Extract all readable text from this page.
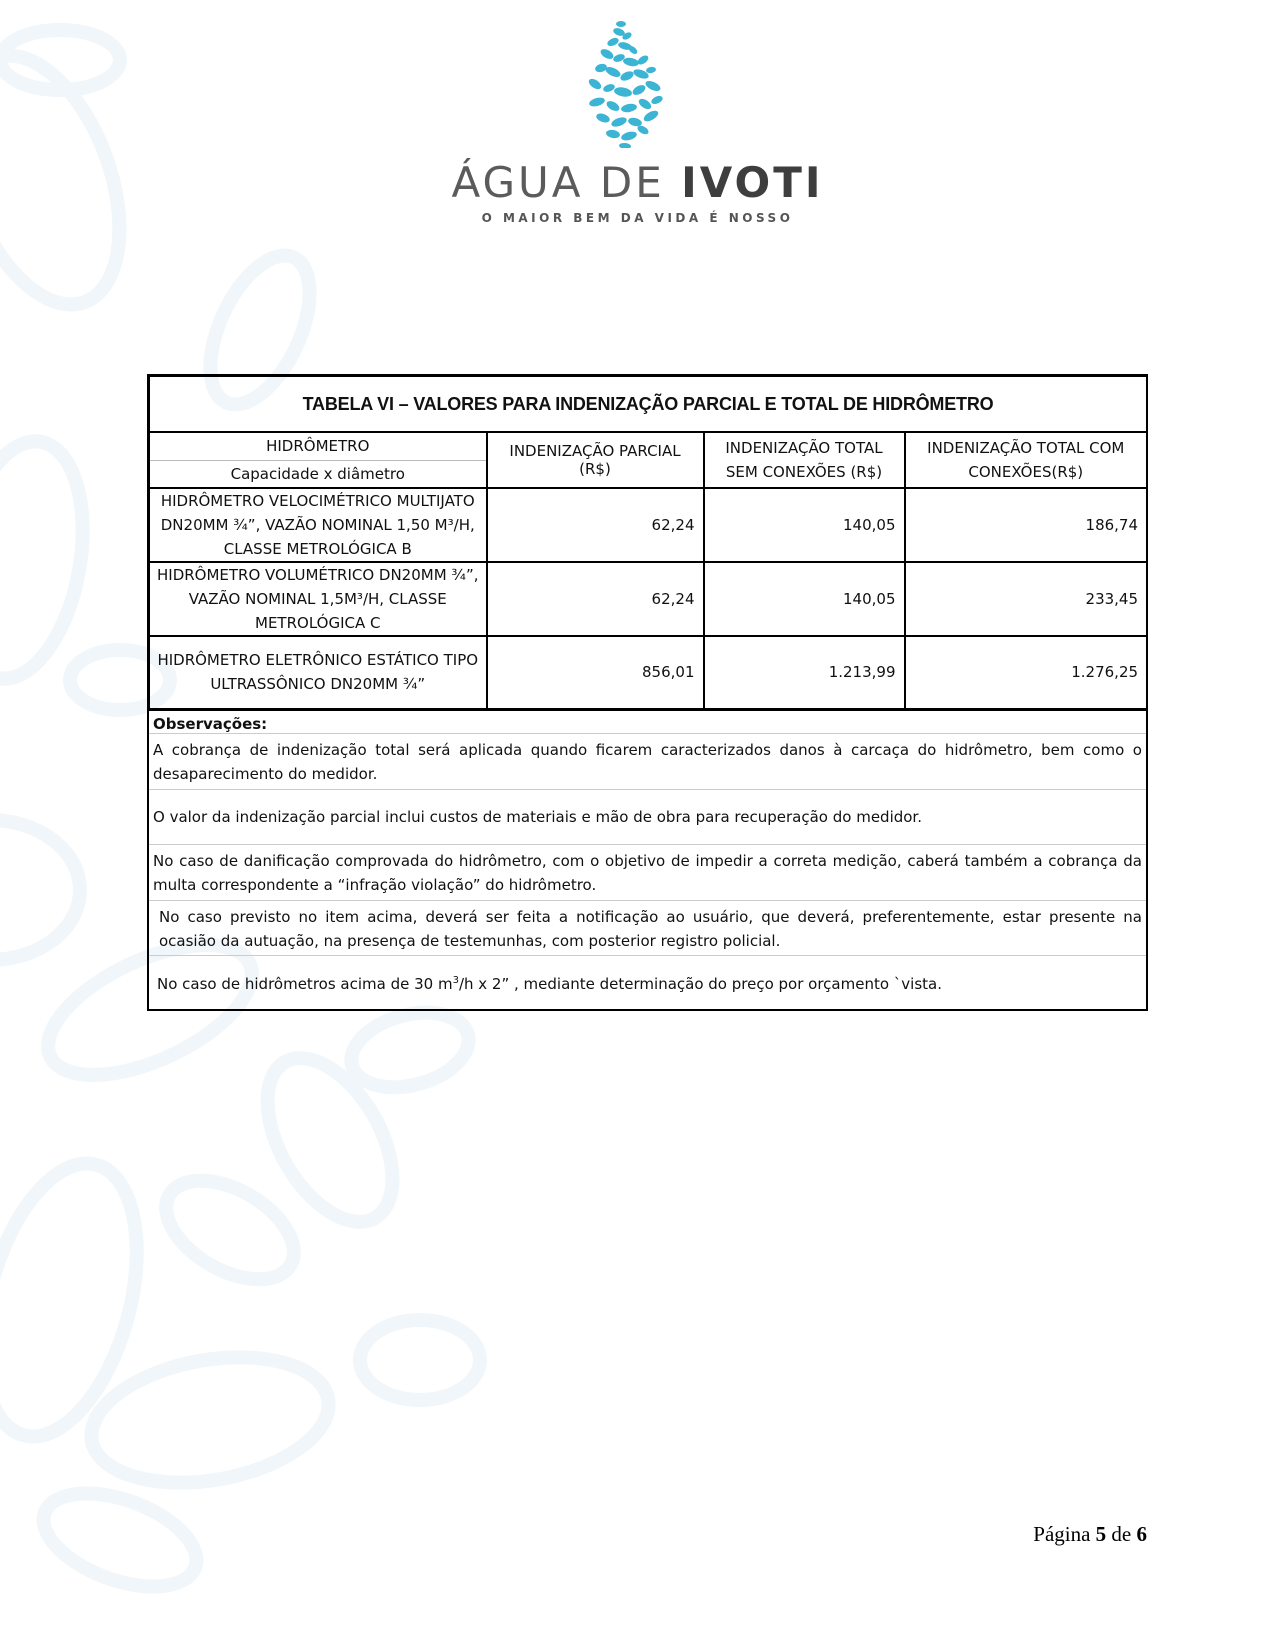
ÁGUA DE IVOTI
O MAIOR BEM DA VIDA É NOSSO
TABELA VI – VALORES PARA INDENIZAÇÃO PARCIAL E TOTAL DE HIDRÔMETRO			
HIDRÔMETRO	INDENIZAÇÃO PARCIAL (R$)	INDENIZAÇÃO TOTAL SEM CONEXÕES (R$)	INDENIZAÇÃO TOTAL COM CONEXÕES(R$)
Capacidade x diâmetro			
HIDRÔMETRO VELOCIMÉTRICO MULTIJATO DN20MM ¾”, VAZÃO NOMINAL 1,50 M³/H, CLASSE METROLÓGICA B	62,24	140,05	186,74
HIDRÔMETRO VOLUMÉTRICO DN20MM ¾”, VAZÃO NOMINAL 1,5M³/H, CLASSE METROLÓGICA C	62,24	140,05	233,45
HIDRÔMETRO ELETRÔNICO ESTÁTICO TIPO ULTRASSÔNICO DN20MM ¾”	856,01	1.213,99	1.276,25
Observações:
A cobrança de indenização total será aplicada quando ficarem caracterizados danos à carcaça do hidrômetro, bem como o desaparecimento do medidor.
O valor da indenização parcial inclui custos de materiais e mão de obra para recuperação do medidor.
No caso de danificação comprovada do hidrômetro, com o objetivo de impedir a correta medição, caberá também a cobrança da multa correspondente a “infração violação” do hidrômetro.
No caso previsto no item acima, deverá ser feita a notificação ao usuário, que deverá, preferentemente, estar presente na ocasião da autuação, na presença de testemunhas, com posterior registro policial.
No caso de hidrômetros acima de 30 $m^3/h$ x 2” , mediante determinação do preço por orçamento `vista.
Página 5 de 6
